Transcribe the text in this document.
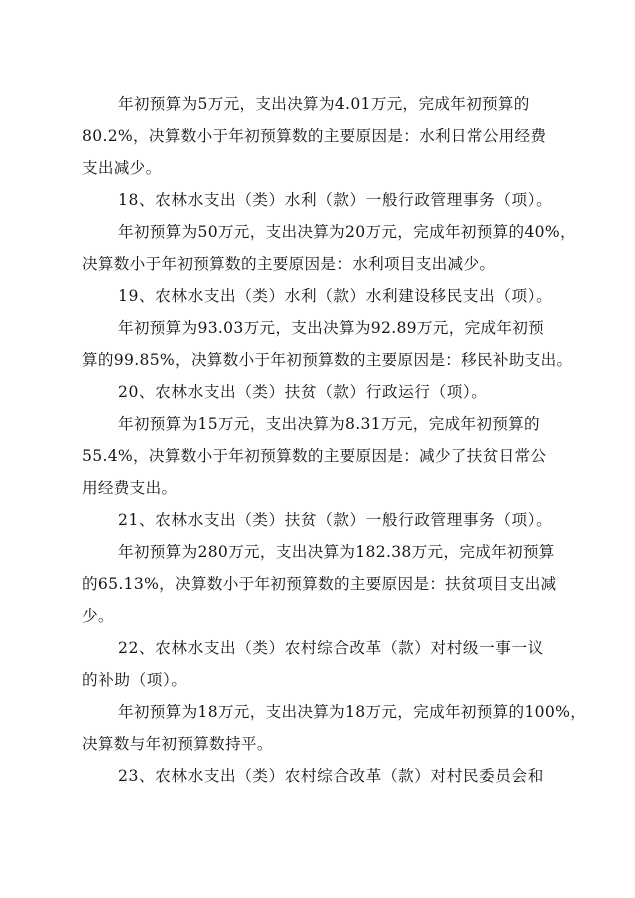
年初预算为5万元，支出决算为4.01万元，完成年初预算的
80.2%，决算数小于年初预算数的主要原因是：水利日常公用经费
支出减少。

18、农林水支出（类）水利（款）一般行政管理事务（项）。

年初预算为50万元，支出决算为20万元，完成年初预算的40%，
决算数小于年初预算数的主要原因是：水利项目支出减少。

19、农林水支出（类）水利（款）水利建设移民支出（项）。

年初预算为93.03万元，支出决算为92.89万元，完成年初预
算的99.85%，决算数小于年初预算数的主要原因是：移民补助支出。

20、农林水支出（类）扶贫（款）行政运行（项）。

年初预算为15万元，支出决算为8.31万元，完成年初预算的
55.4%，决算数小于年初预算数的主要原因是：减少了扶贫日常公
用经费支出。

21、农林水支出（类）扶贫（款）一般行政管理事务（项）。

年初预算为280万元，支出决算为182.38万元，完成年初预算
的65.13%，决算数小于年初预算数的主要原因是：扶贫项目支出减
少。

22、农林水支出（类）农村综合改革（款）对村级一事一议
的补助（项）。

年初预算为18万元，支出决算为18万元，完成年初预算的100%，
决算数与年初预算数持平。

23、农林水支出（类）农村综合改革（款）对村民委员会和
